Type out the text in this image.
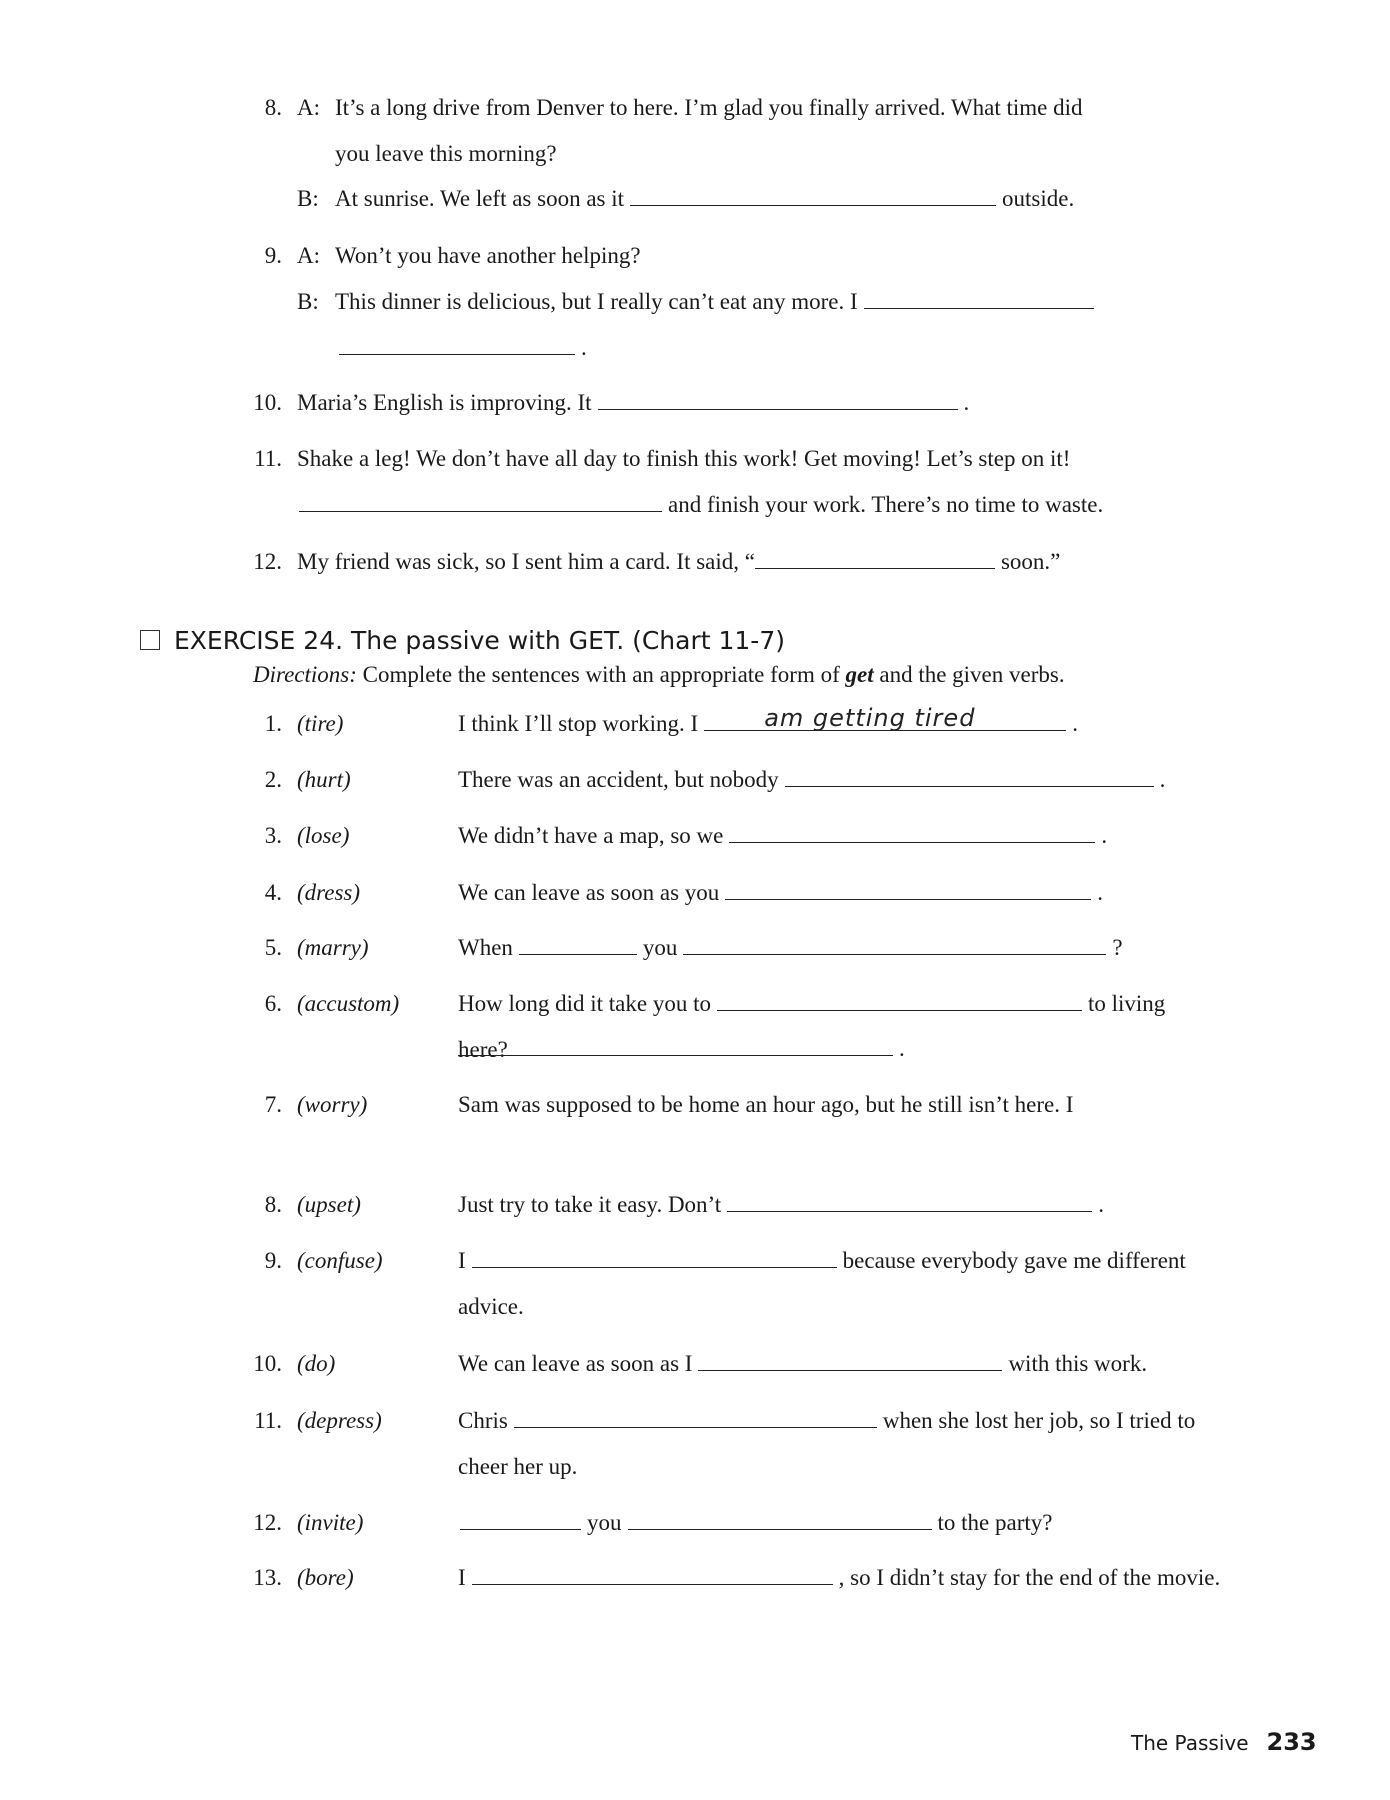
8. A: It’s a long drive from Denver to here. I’m glad you finally arrived. What time did
you leave this morning?
B: At sunrise. We left as soon as it	outside.
9. A: Won’t you have another helping?
B: This dinner is delicious, but I really can’t eat any more. I
.
10. Maria’s English is improving. It	.
11. Shake a leg! We don’t have all day to finish this work! Get moving! Let’s step on it!
and finish your work. There’s no time to waste.
12. My friend was sick, so I sent him a card. It said, “	soon.”
EXERCISE 24. The passive with GET. (Chart 11-7)
Directions: Complete the sentences with an appropriate form of get and the given verbs.
1. (tire)	I think I’ll stop working. I	am getting tired	.
2. (hurt)	There was an accident, but nobody	.
3. (lose)	We didn’t have a map, so we	.
4. (dress)	We can leave as soon as you	.
5. (marry)	When	you	?
6. (accustom)	How long did it take you to	to living
here?
7. (worry)	Sam was supposed to be home an hour ago, but he still isn’t here. I
.
8. (upset)	Just try to take it easy. Don’t	.
9. (confuse)	I	because everybody gave me different
advice.
10. (do)	We can leave as soon as I	with this work.
11. (depress)	Chris	when she lost her job, so I tried to
cheer her up.
12. (invite)	you	to the party?
13. (bore)	I	, so I didn’t stay for the end of the movie.
The Passive 233
